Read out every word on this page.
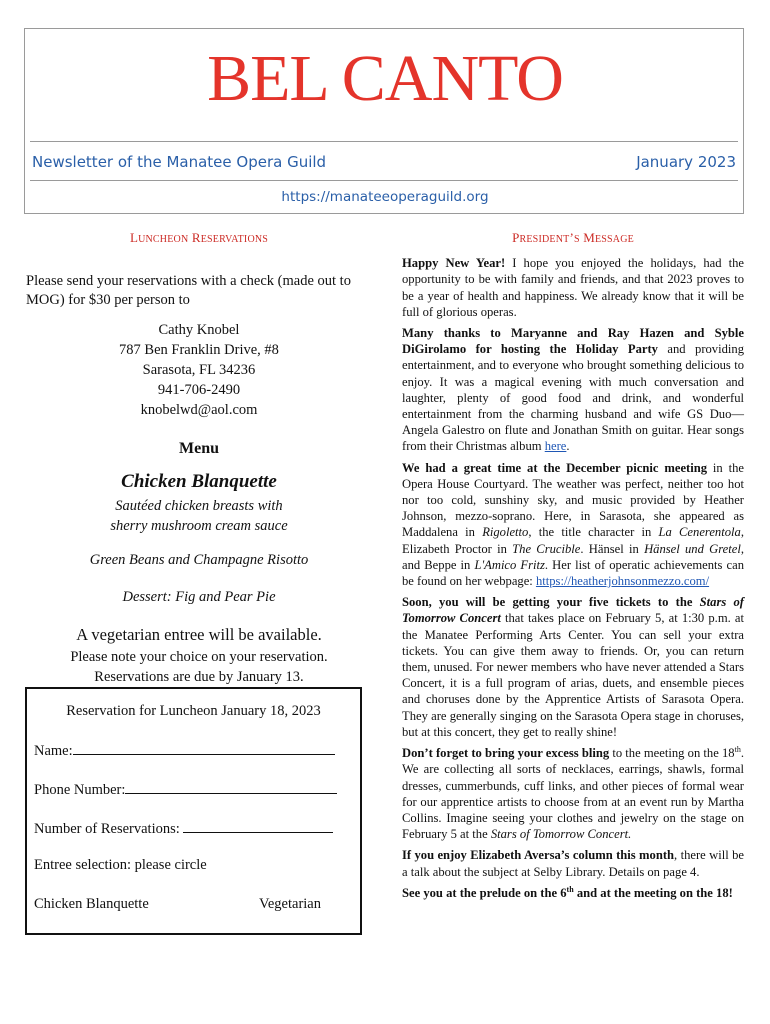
BEL CANTO
Newsletter of the Manatee Opera Guild	January 2023
https://manateeoperaguild.org
LUNCHEON RESERVATIONS
Please send your reservations with a check (made out to MOG) for $30 per person to
Cathy Knobel
787 Ben Franklin Drive, #8
Sarasota, FL 34236
941-706-2490
knobelwd@aol.com
Menu
Chicken Blanquette
Sautéed chicken breasts with
sherry mushroom cream sauce
Green Beans and Champagne Risotto
Dessert: Fig and Pear Pie
A vegetarian entree will be available.
Please note your choice on your reservation.
Reservations are due by January 13.
Reservation for Luncheon January 18, 2023
Name:
Phone Number:
Number of Reservations:
Entree selection: please circle
Chicken Blanquette	Vegetarian
PRESIDENT’S MESSAGE

Happy New Year! I hope you enjoyed the holidays, had the opportunity to be with family and friends, and that 2023 proves to be a year of health and happiness. We already know that it will be full of glorious operas.

Many thanks to Maryanne and Ray Hazen and Syble DiGirolamo for hosting the Holiday Party and providing entertainment, and to everyone who brought something delicious to enjoy. It was a magical evening with much conversation and laughter, plenty of good food and drink, and wonderful entertainment from the charming husband and wife GS Duo—Angela Galestro on flute and Jonathan Smith on guitar. Hear songs from their Christmas album here.

We had a great time at the December picnic meeting in the Opera House Courtyard. The weather was perfect, neither too hot nor too cold, sunshiny sky, and music provided by Heather Johnson, mezzo-soprano. Here, in Sarasota, she appeared as Maddalena in Rigoletto, the title character in La Cenerentola, Elizabeth Proctor in The Crucible. Hänsel in Hänsel und Gretel, and Beppe in L'Amico Fritz. Her list of operatic achievements can be found on her webpage: https://heatherjohnsonmezzo.com/

Soon, you will be getting your five tickets to the Stars of Tomorrow Concert that takes place on February 5, at 1:30 p.m. at the Manatee Performing Arts Center. You can sell your extra tickets. You can give them away to friends. Or, you can return them, unused. For newer members who have never attended a Stars Concert, it is a full program of arias, duets, and ensemble pieces and choruses done by the Apprentice Artists of Sarasota Opera. They are generally singing on the Sarasota Opera stage in choruses, but at this concert, they get to really shine!

Don’t forget to bring your excess bling to the meeting on the 18th. We are collecting all sorts of necklaces, earrings, shawls, formal dresses, cummerbunds, cuff links, and other pieces of formal wear for our apprentice artists to choose from at an event run by Martha Collins. Imagine seeing your clothes and jewelry on the stage on February 5 at the Stars of Tomorrow Concert.

If you enjoy Elizabeth Aversa’s column this month, there will be a talk about the subject at Selby Library. Details on page 4.

See you at the prelude on the 6th and at the meeting on the 18!
